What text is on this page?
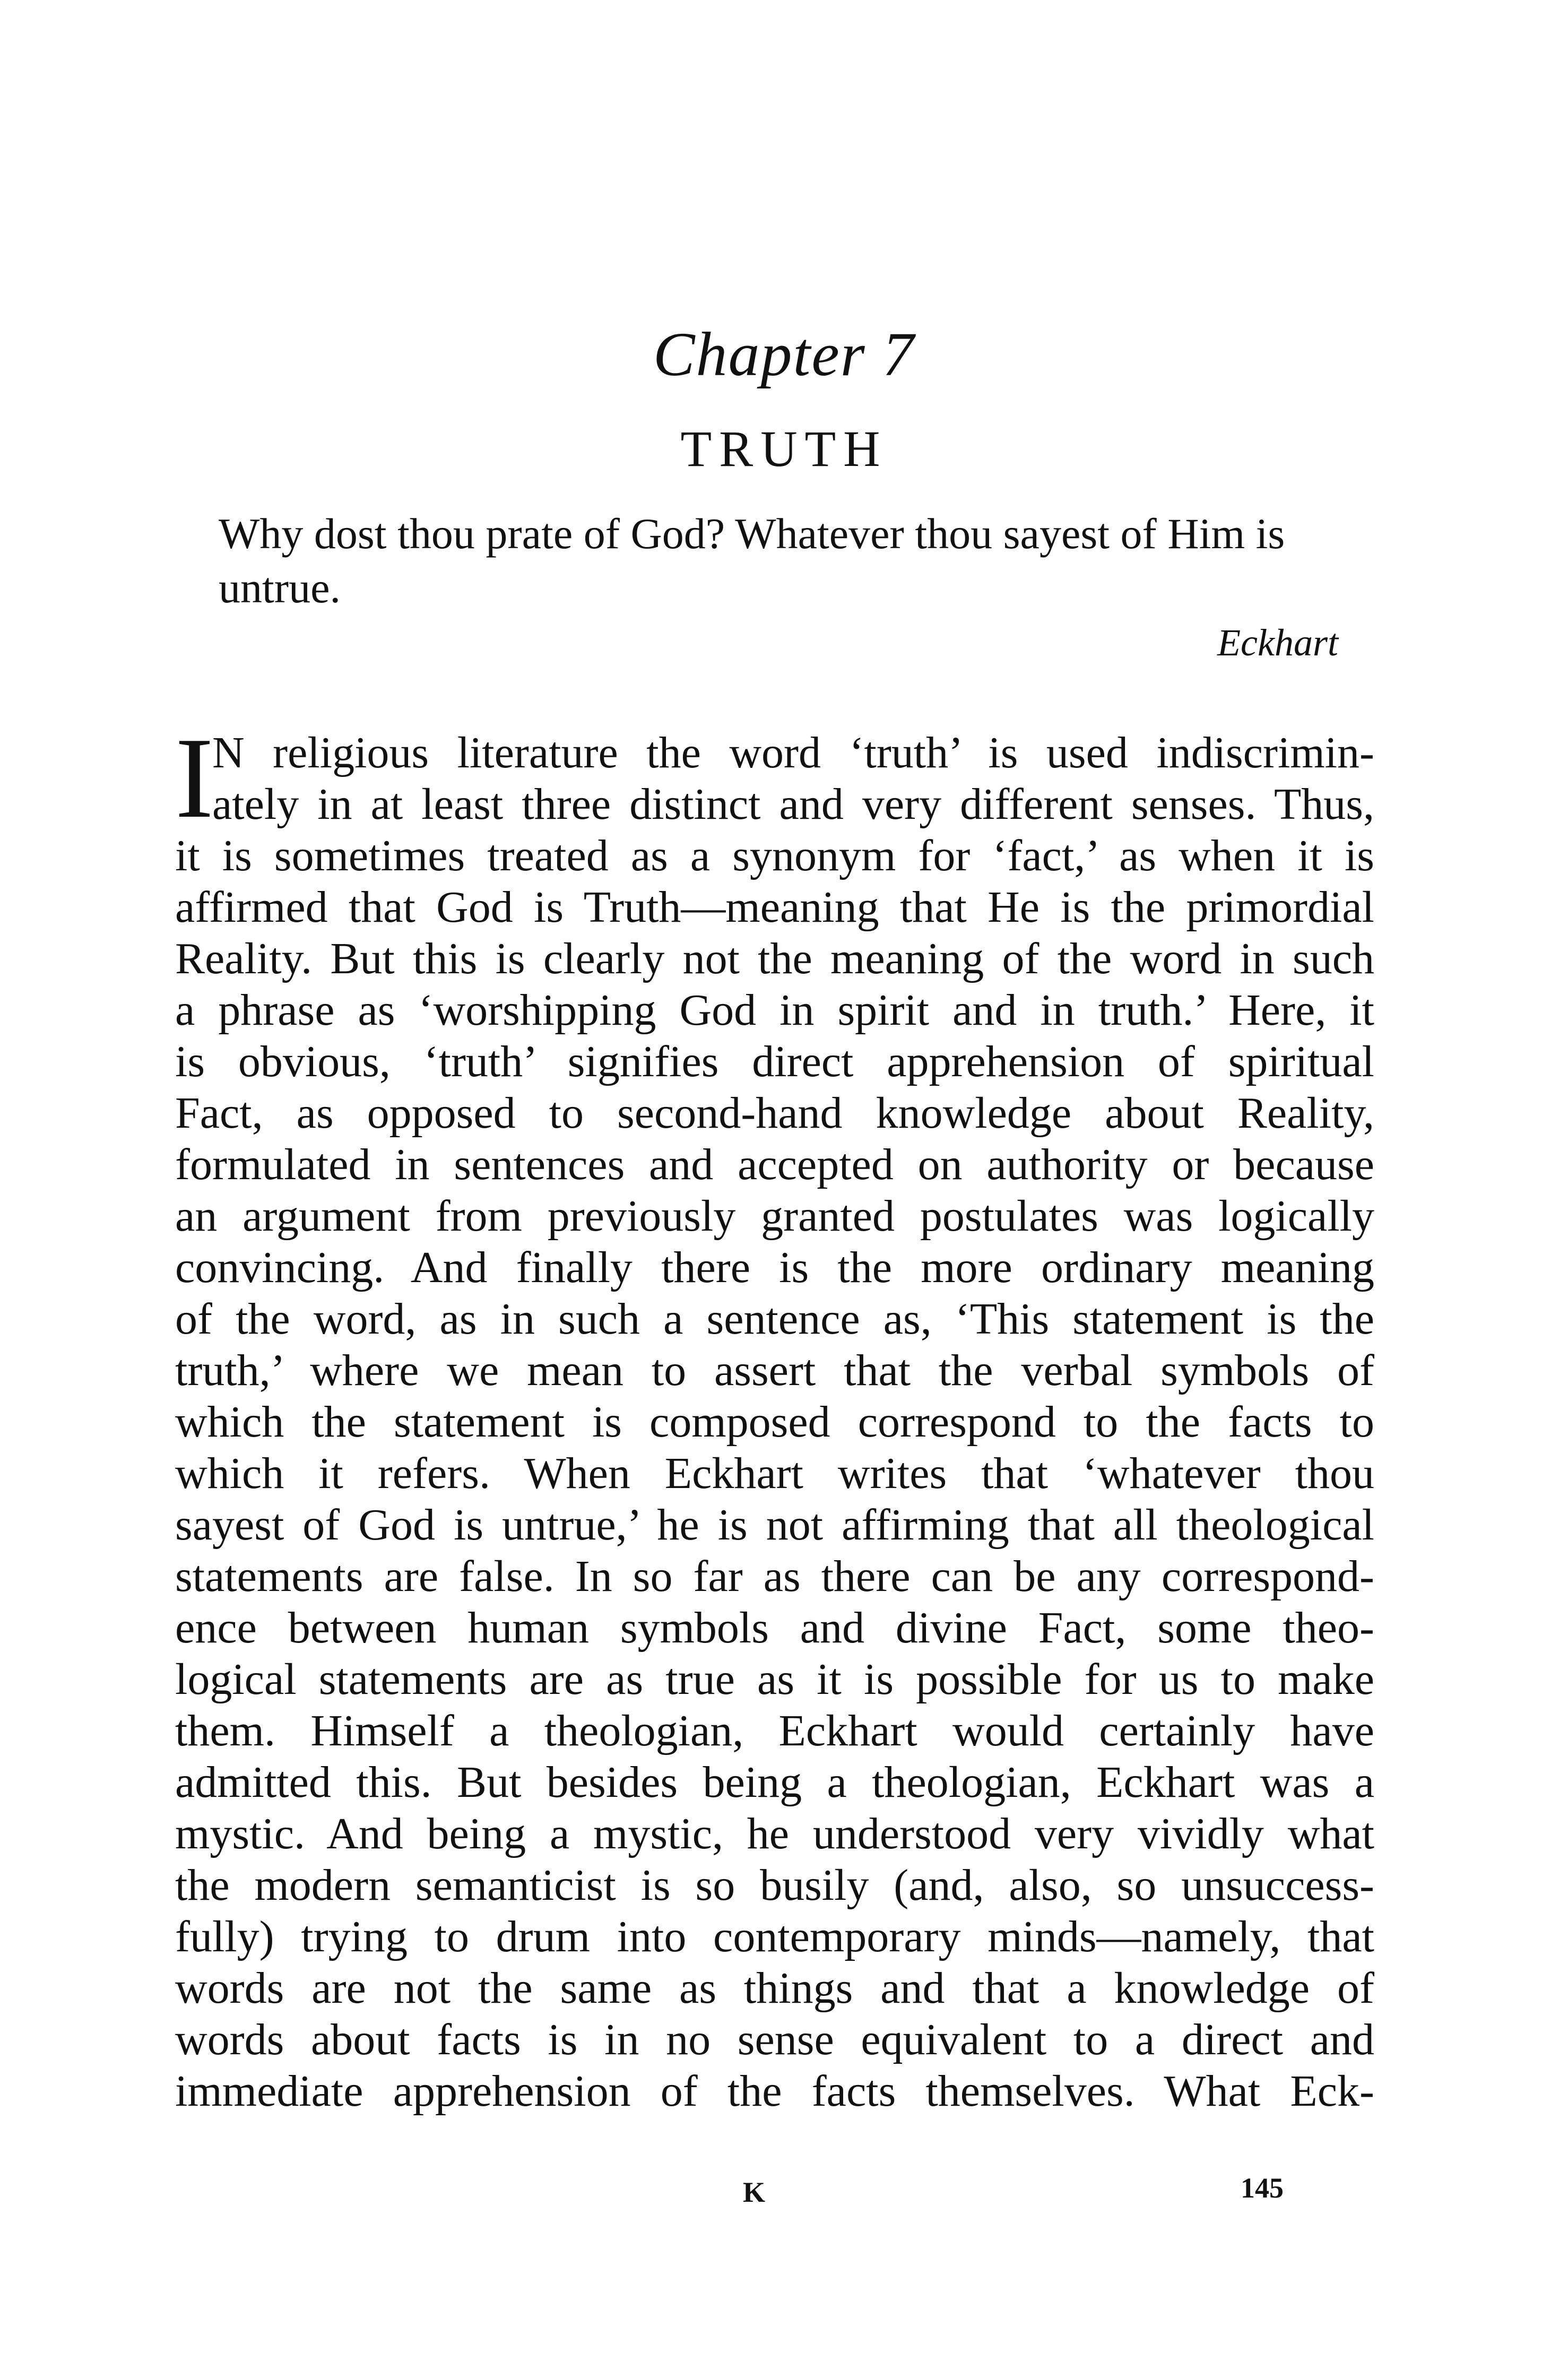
Chapter 7
TRUTH
Why dost thou prate of God? Whatever thou sayest of Him is untrue.
Eckhart
I
N religious literature the word ‘truth’ is used indiscrimin-
ately in at least three distinct and very different senses. Thus,
it is sometimes treated as a synonym for ‘fact,’ as when it is
affirmed that God is Truth—meaning that He is the primordial
Reality. But this is clearly not the meaning of the word in such
a phrase as ‘worshipping God in spirit and in truth.’ Here, it
is obvious, ‘truth’ signifies direct apprehension of spiritual
Fact, as opposed to second-hand knowledge about Reality,
formulated in sentences and accepted on authority or because
an argument from previously granted postulates was logically
convincing. And finally there is the more ordinary meaning
of the word, as in such a sentence as, ‘This statement is the
truth,’ where we mean to assert that the verbal symbols of
which the statement is composed correspond to the facts to
which it refers. When Eckhart writes that ‘whatever thou
sayest of God is untrue,’ he is not affirming that all theological
statements are false. In so far as there can be any correspond-
ence between human symbols and divine Fact, some theo-
logical statements are as true as it is possible for us to make
them. Himself a theologian, Eckhart would certainly have
admitted this. But besides being a theologian, Eckhart was a
mystic. And being a mystic, he understood very vividly what
the modern semanticist is so busily (and, also, so unsuccess-
fully) trying to drum into contemporary minds—namely, that
words are not the same as things and that a knowledge of
words about facts is in no sense equivalent to a direct and
immediate apprehension of the facts themselves. What Eck-
K	145
